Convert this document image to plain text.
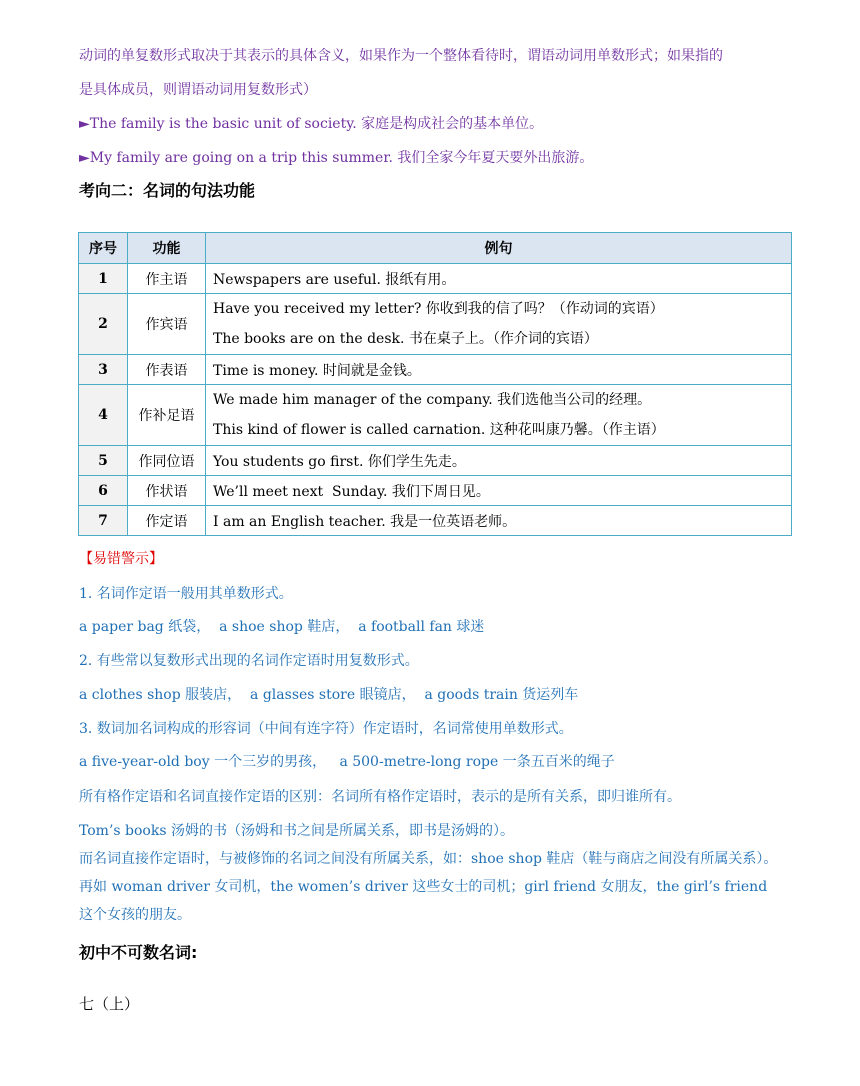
动词的单复数形式取决于其表示的具体含义，如果作为一个整体看待时，谓语动词用单数形式；如果指的
是具体成员，则谓语动词用复数形式）
►The family is the basic unit of society. 家庭是构成社会的基本单位。
►My family are going on a trip this summer. 我们全家今年夏天要外出旅游。
考向二：名词的句法功能
序号	功能	例句
1	作主语	Newspapers are useful. 报纸有用。
2	作宾语	Have you received my letter? 你收到我的信了吗？（作动词的宾语）
The books are on the desk. 书在桌子上。（作介词的宾语）

3	作表语	Time is money. 时间就是金钱。
4	作补足语	We made him manager of the company. 我们选他当公司的经理。
This kind of flower is called carnation. 这种花叫康乃馨。（作主语）

5	作同位语	You students go first. 你们学生先走。
6	作状语	We’ll meet next  Sunday. 我们下周日见。
7	作定语	I am an English teacher. 我是一位英语老师。
【易错警示】
1. 名词作定语一般用其单数形式。
a paper bag 纸袋，  a shoe shop 鞋店，  a football fan 球迷
2. 有些常以复数形式出现的名词作定语时用复数形式。
a clothes shop 服装店，  a glasses store 眼镜店，  a goods train 货运列车
3. 数词加名词构成的形容词（中间有连字符）作定语时，名词常使用单数形式。
a five-year-old boy 一个三岁的男孩，   a 500-metre-long rope 一条五百米的绳子
所有格作定语和名词直接作定语的区别：名词所有格作定语时，表示的是所有关系，即归谁所有。
Tom’s books 汤姆的书（汤姆和书之间是所属关系，即书是汤姆的）。
而名词直接作定语时，与被修饰的名词之间没有所属关系，如：shoe shop 鞋店（鞋与商店之间没有所属关系）。再如 woman driver 女司机，the women’s driver 这些女士的司机；girl friend 女朋友，the girl’s friend 这个女孩的朋友。
初中不可数名词:
七（上）
